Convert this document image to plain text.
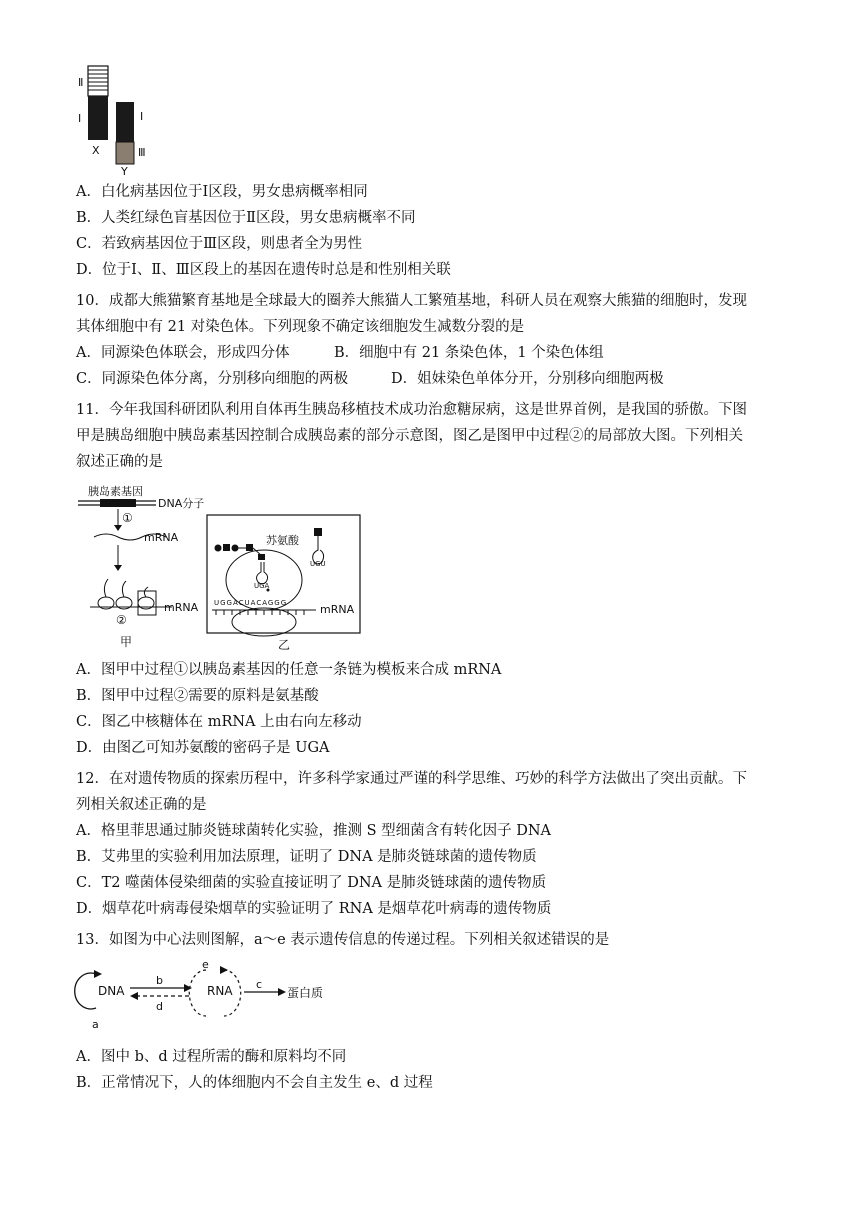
Ⅱ
Ⅰ	Ⅰ
Ⅲ
X
Y
A．白化病基因位于Ⅰ区段，男女患病概率相同
B．人类红绿色盲基因位于Ⅱ区段，男女患病概率不同
C．若致病基因位于Ⅲ区段，则患者全为男性
D．位于Ⅰ、Ⅱ、Ⅲ区段上的基因在遗传时总是和性别相关联
10．成都大熊猫繁育基地是全球最大的圈养大熊猫人工繁殖基地，科研人员在观察大熊猫的细胞时，发现
其体细胞中有 21 对染色体。下列现象不确定该细胞发生减数分裂的是
A．同源染色体联会，形成四分体	B．细胞中有 21 条染色体，1 个染色体组
C．同源染色体分离，分别移向细胞的两极	D．姐妹染色单体分开，分别移向细胞两极
11．今年我国科研团队利用自体再生胰岛移植技术成功治愈糖尿病，这是世界首例，是我国的骄傲。下图
甲是胰岛细胞中胰岛素基因控制合成胰岛素的部分示意图，图乙是图甲中过程②的局部放大图。下列相关
叙述正确的是
胰岛素基因
DNA分子
①
mRNA
mRNA
②
甲
苏氨酸
UGA
UGU
UGGACUACAGGG	mRNA
乙
A．图甲中过程①以胰岛素基因的任意一条链为模板来合成 mRNA
B．图甲中过程②需要的原料是氨基酸
C．图乙中核糖体在 mRNA 上由右向左移动
D．由图乙可知苏氨酸的密码子是 UGA
12．在对遗传物质的探索历程中，许多科学家通过严谨的科学思维、巧妙的科学方法做出了突出贡献。下
列相关叙述正确的是
A．格里菲思通过肺炎链球菌转化实验，推测 S 型细菌含有转化因子 DNA
B．艾弗里的实验利用加法原理，证明了 DNA 是肺炎链球菌的遗传物质
C．T2 噬菌体侵染细菌的实验直接证明了 DNA 是肺炎链球菌的遗传物质
D．烟草花叶病毒侵染烟草的实验证明了 RNA 是烟草花叶病毒的遗传物质
13．如图为中心法则图解，a～e 表示遗传信息的传递过程。下列相关叙述错误的是
DNA	RNA	蛋白质
a
b	c
d
e
A．图中 b、d 过程所需的酶和原料均不同
B．正常情况下，人的体细胞内不会自主发生 e、d 过程
